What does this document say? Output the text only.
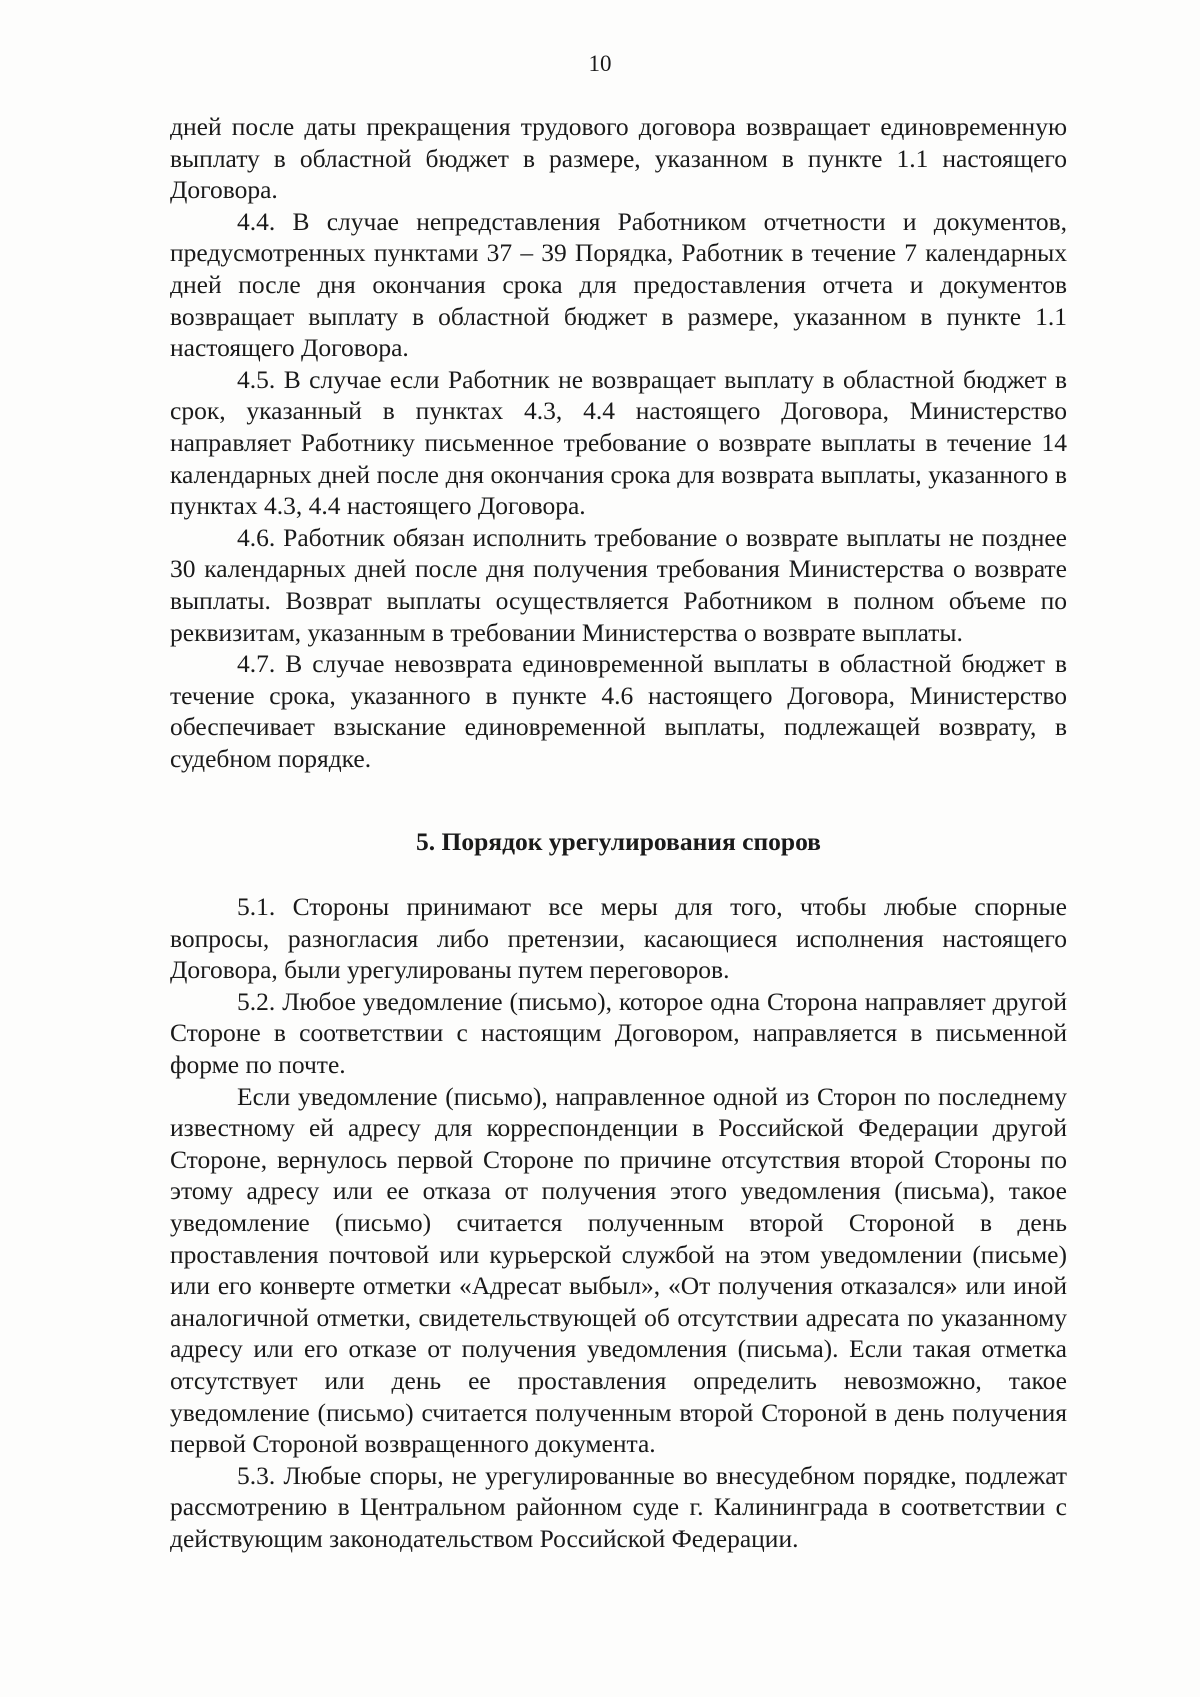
10

дней после даты прекращения трудового договора возвращает единовременную выплату в областной бюджет в размере, указанном в пункте 1.1 настоящего Договора.

4.4. В случае непредставления Работником отчетности и документов, предусмотренных пунктами 37 – 39 Порядка, Работник в течение 7 календарных дней после дня окончания срока для предоставления отчета и документов возвращает выплату в областной бюджет в размере, указанном в пункте 1.1 настоящего Договора.

4.5. В случае если Работник не возвращает выплату в областной бюджет в срок, указанный в пунктах 4.3, 4.4 настоящего Договора, Министерство направляет Работнику письменное требование о возврате выплаты в течение 14 календарных дней после дня окончания срока для возврата выплаты, указанного в пунктах 4.3, 4.4 настоящего Договора.

4.6. Работник обязан исполнить требование о возврате выплаты не позднее 30 календарных дней после дня получения требования Министерства о возврате выплаты. Возврат выплаты осуществляется Работником в полном объеме по реквизитам, указанным в требовании Министерства о возврате выплаты.

4.7. В случае невозврата единовременной выплаты в областной бюджет в течение срока, указанного в пункте 4.6 настоящего Договора, Министерство обеспечивает взыскание единовременной выплаты, подлежащей возврату, в судебном порядке.

5. Порядок урегулирования споров

5.1. Стороны принимают все меры для того, чтобы любые спорные вопросы, разногласия либо претензии, касающиеся исполнения настоящего Договора, были урегулированы путем переговоров.

5.2. Любое уведомление (письмо), которое одна Сторона направляет другой Стороне в соответствии с настоящим Договором, направляется в письменной форме по почте.

Если уведомление (письмо), направленное одной из Сторон по последнему известному ей адресу для корреспонденции в Российской Федерации другой Стороне, вернулось первой Стороне по причине отсутствия второй Стороны по этому адресу или ее отказа от получения этого уведомления (письма), такое уведомление (письмо) считается полученным второй Стороной в день проставления почтовой или курьерской службой на этом уведомлении (письме) или его конверте отметки «Адресат выбыл», «От получения отказался» или иной аналогичной отметки, свидетельствующей об отсутствии адресата по указанному адресу или его отказе от получения уведомления (письма). Если такая отметка отсутствует или день ее проставления определить невозможно, такое уведомление (письмо) считается полученным второй Стороной в день получения первой Стороной возвращенного документа.

5.3. Любые споры, не урегулированные во внесудебном порядке, подлежат рассмотрению в Центральном районном суде г. Калининграда в соответствии с действующим законодательством Российской Федерации.
